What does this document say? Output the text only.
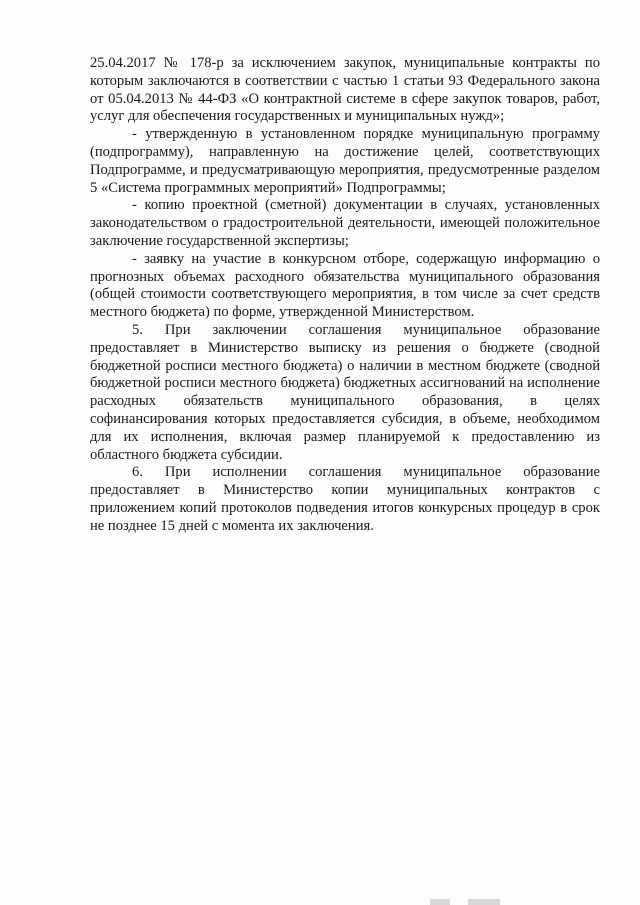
25.04.2017 № 178-р за исключением закупок, муниципальные контракты по которым заключаются в соответствии с частью 1 статьи 93 Федерального закона от 05.04.2013 № 44-ФЗ «О контрактной системе в сфере закупок товаров, работ, услуг для обеспечения государственных и муниципальных нужд»;

- утвержденную в установленном порядке муниципальную программу (подпрограмму), направленную на достижение целей, соответствующих Подпрограмме, и предусматривающую мероприятия, предусмотренные разделом 5 «Система программных мероприятий» Подпрограммы;

- копию проектной (сметной) документации в случаях, установленных законодательством о градостроительной деятельности, имеющей положительное заключение государственной экспертизы;

- заявку на участие в конкурсном отборе, содержащую информацию о прогнозных объемах расходного обязательства муниципального образования (общей стоимости соответствующего мероприятия, в том числе за счет средств местного бюджета) по форме, утвержденной Министерством.

5. При заключении соглашения муниципальное образование предоставляет в Министерство выписку из решения о бюджете (сводной бюджетной росписи местного бюджета) о наличии в местном бюджете (сводной бюджетной росписи местного бюджета) бюджетных ассигнований на исполнение расходных обязательств муниципального образования, в целях софинансирования которых предоставляется субсидия, в объеме, необходимом для их исполнения, включая размер планируемой к предоставлению из областного бюджета субсидии.

6. При исполнении соглашения муниципальное образование предоставляет в Министерство копии муниципальных контрактов с приложением копий протоколов подведения итогов конкурсных процедур в срок не позднее 15 дней с момента их заключения.
